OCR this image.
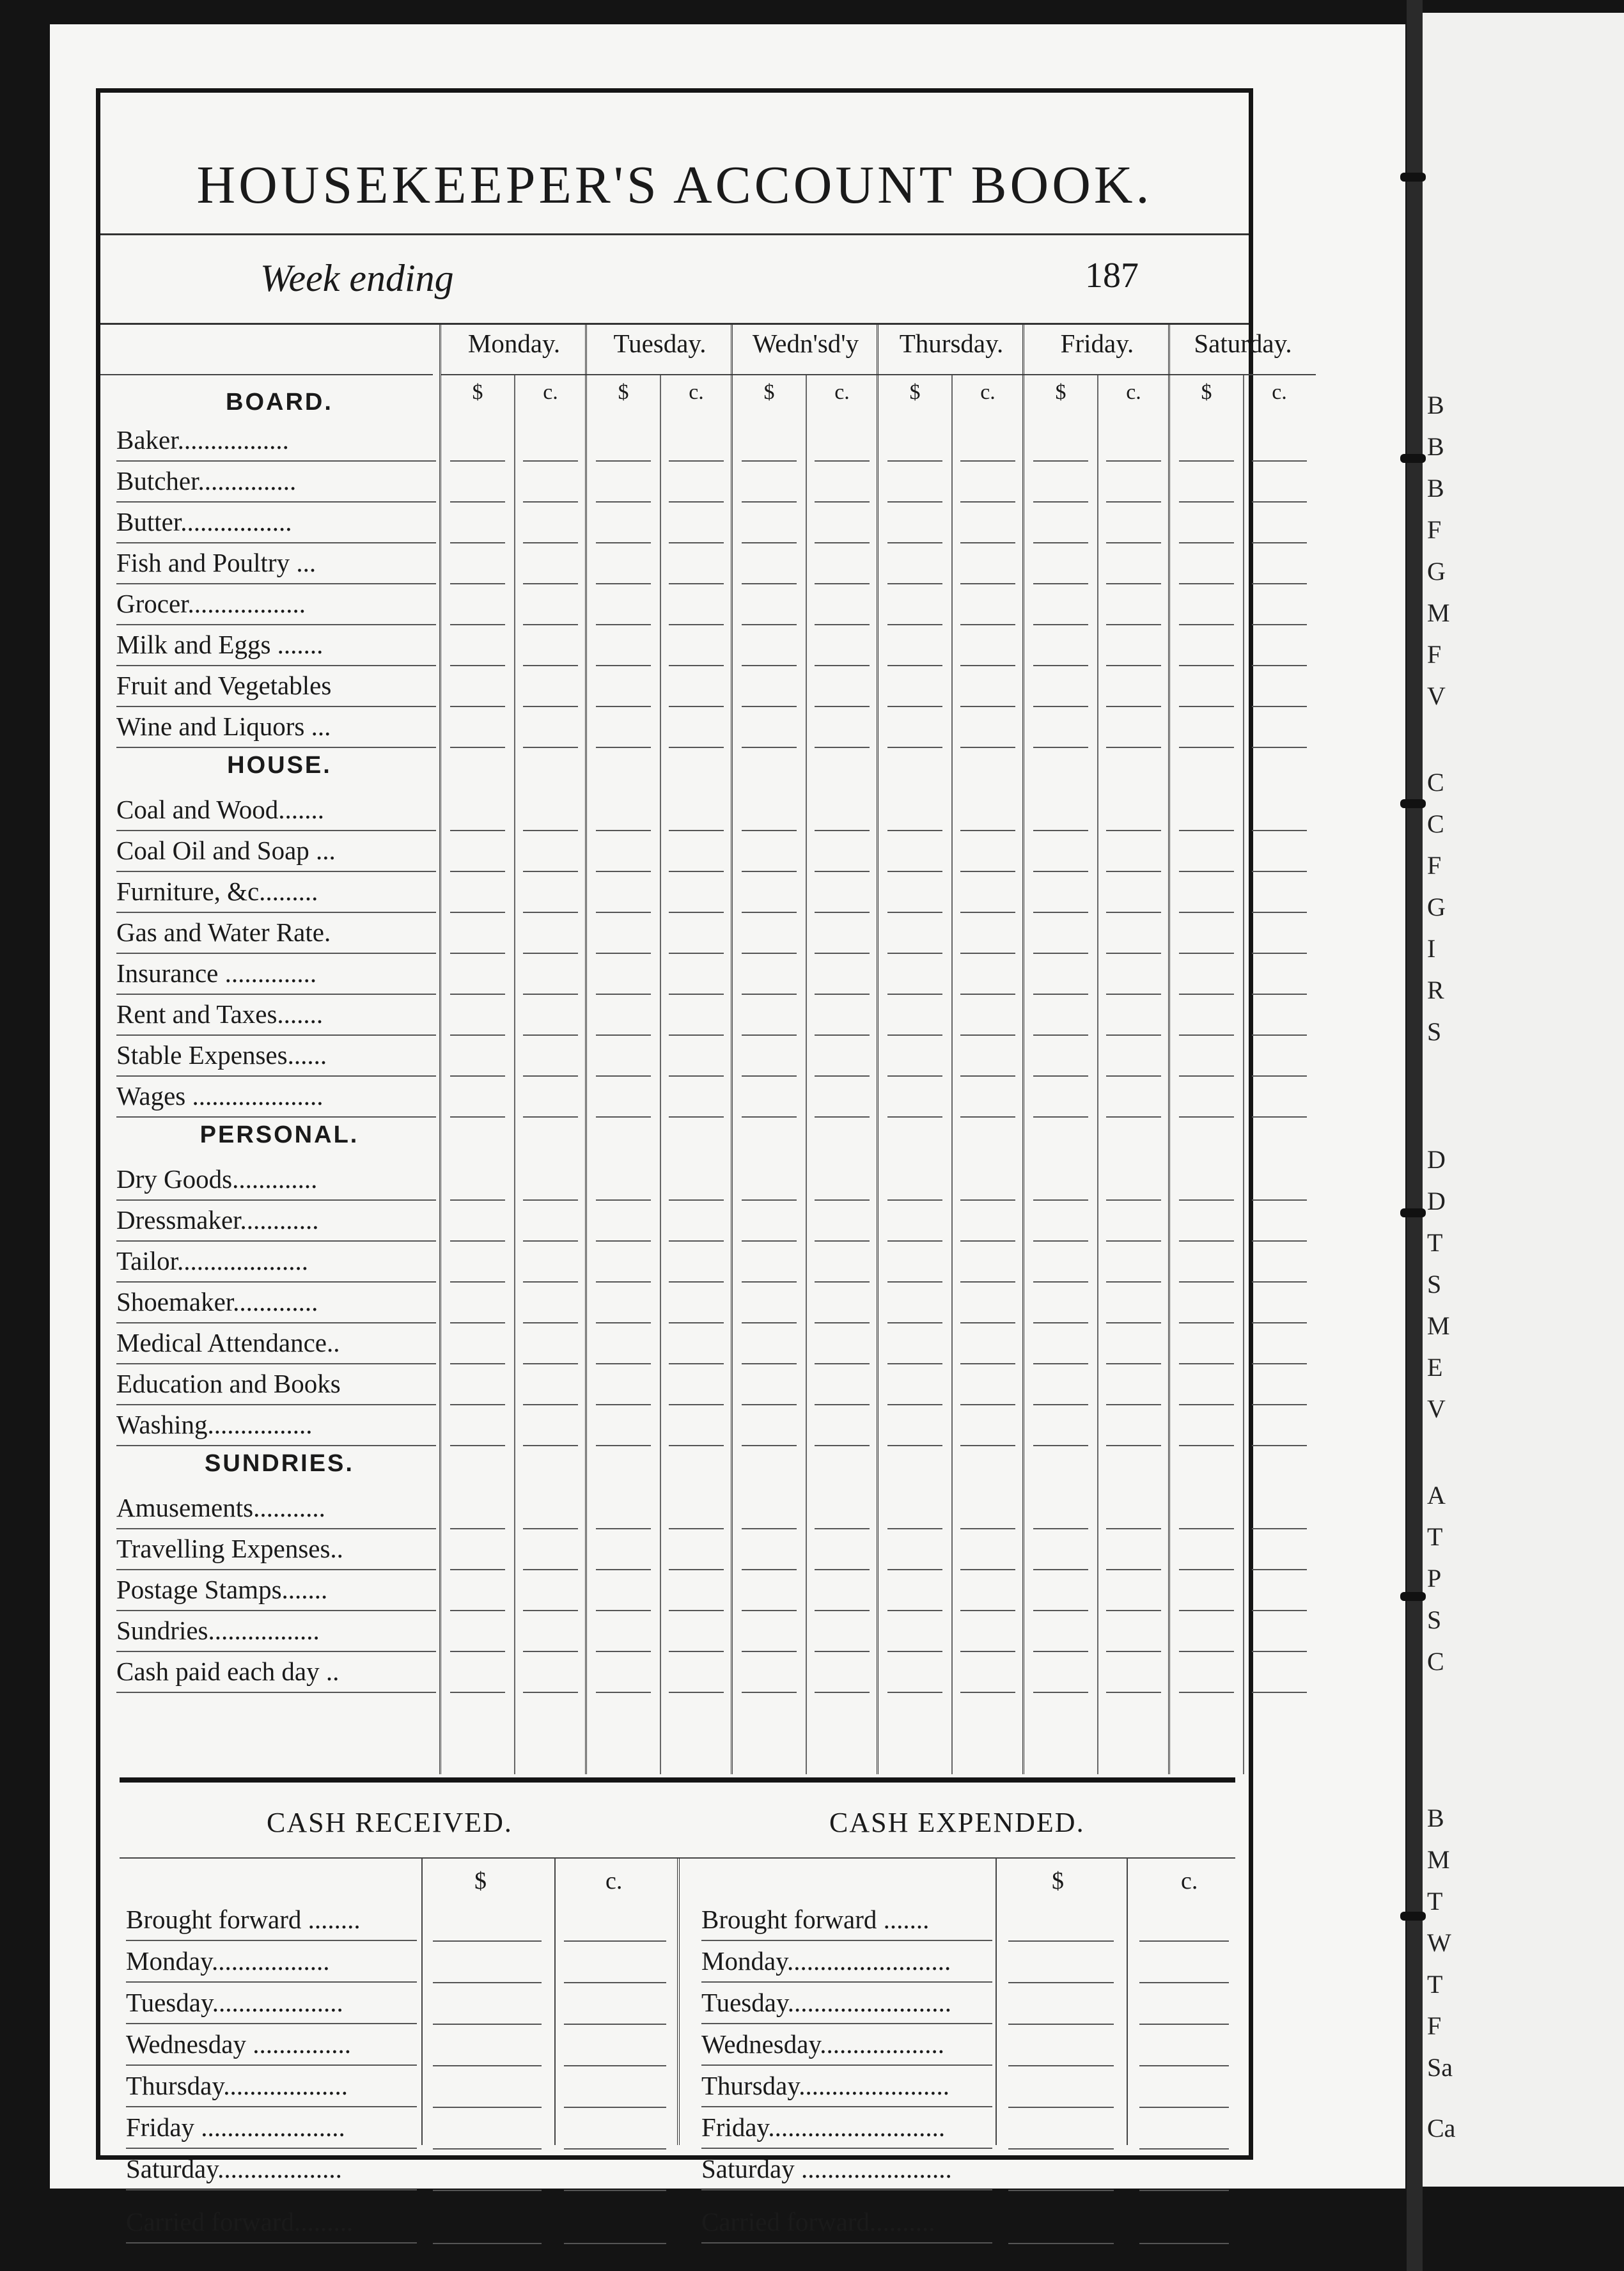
B
B
B
F
G
M
F
V
C
C
F
G
I
R
S
D
D
T
S
M
E
V
A
T
P
S
C
B
M
T
W
T
F
Sa
Ca
HOUSEKEEPER'S ACCOUNT BOOK.
Week ending	187
BOARD.
Baker.................
Butcher...............
Butter.................
Fish and Poultry ...
Grocer..................
Milk and Eggs .......
Fruit and Vegetables
Wine and Liquors ...
HOUSE.
Coal and Wood.......
Coal Oil and Soap ...
Furniture, &c.........
Gas and Water Rate.
Insurance ..............
Rent and Taxes.......
Stable Expenses......
Wages ....................
PERSONAL.
Dry Goods.............
Dressmaker............
Tailor....................
Shoemaker.............
Medical Attendance..
Education and Books
Washing................
SUNDRIES.
Amusements...........
Travelling Expenses..
Postage Stamps.......
Sundries.................
Cash paid each day ..
Monday.
$	c.
Tuesday.
$	c.
Wedn'sd'y
$	c.
Thursday.
$	c.
Friday.
$	c.
Saturday.
$	c.
CASH RECEIVED.	CASH EXPENDED.
$	c.	$	c.
Brought forward ........
Monday..................
Tuesday....................
Wednesday ...............
Thursday...................
Friday ......................
Saturday...................
Carried forward.........
Brought forward .......
Monday.........................
Tuesday.........................
Wednesday...................
Thursday.......................
Friday...........................
Saturday .......................
Carried forward..........
